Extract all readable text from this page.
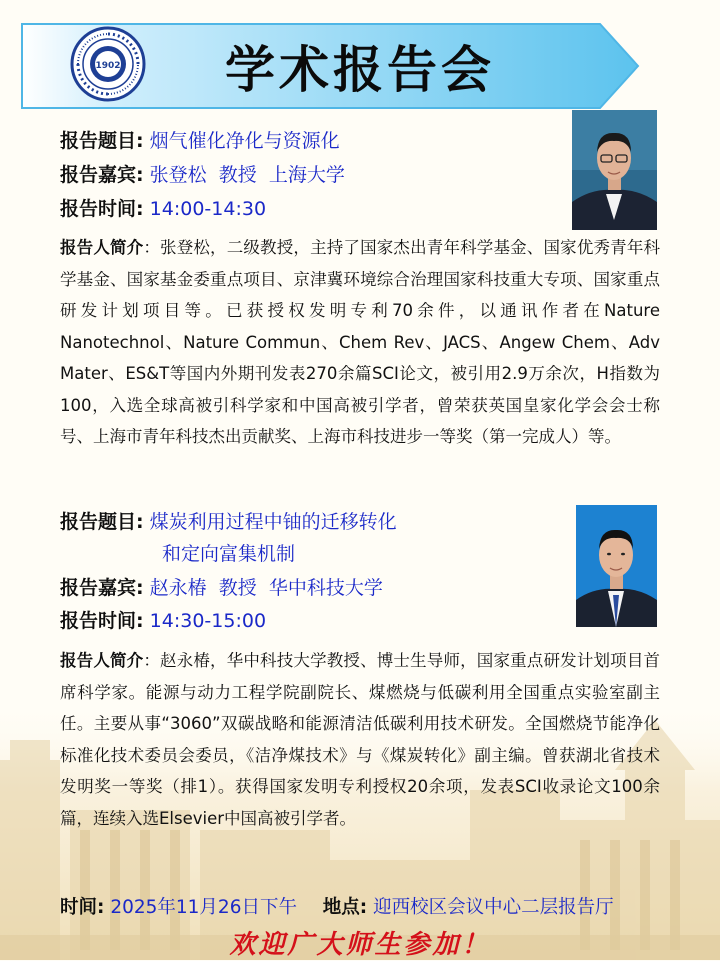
1902 学术报告会
报告题目: 烟气催化净化与资源化
报告嘉宾: 张登松  教授  上海大学
报告时间: 14:00-14:30
报告人简介：张登松，二级教授，主持了国家杰出青年科学基金、国家优秀青年科学基金、国家基金委重点项目、京津冀环境综合治理国家科技重大专项、国家重点研发计划项目等。已获授权发明专利70余件，以通讯作者在Nature Nanotechnol、Nature Commun、Chem Rev、JACS、Angew Chem、Adv Mater、ES&T等国内外期刊发表270余篇SCI论文，被引用2.9万余次，H指数为100，入选全球高被引科学家和中国高被引学者，曾荣获英国皇家化学会会士称号、上海市青年科技杰出贡献奖、上海市科技进步一等奖（第一完成人）等。
报告题目: 煤炭利用过程中铀的迁移转化
和定向富集机制
报告嘉宾: 赵永椿  教授  华中科技大学
报告时间: 14:30-15:00
报告人简介：赵永椿，华中科技大学教授、博士生导师，国家重点研发计划项目首席科学家。能源与动力工程学院副院长、煤燃烧与低碳利用全国重点实验室副主任。主要从事“3060”双碳战略和能源清洁低碳利用技术研发。全国燃烧节能净化标准化技术委员会委员，《洁净煤技术》与《煤炭转化》副主编。曾获湖北省技术发明奖一等奖（排1）。获得国家发明专利授权20余项，发表SCI收录论文100余篇，连续入选Elsevier中国高被引学者。
时间: 2025年11月26日下午 地点: 迎西校区会议中心二层报告厅
欢迎广大师生参加！
